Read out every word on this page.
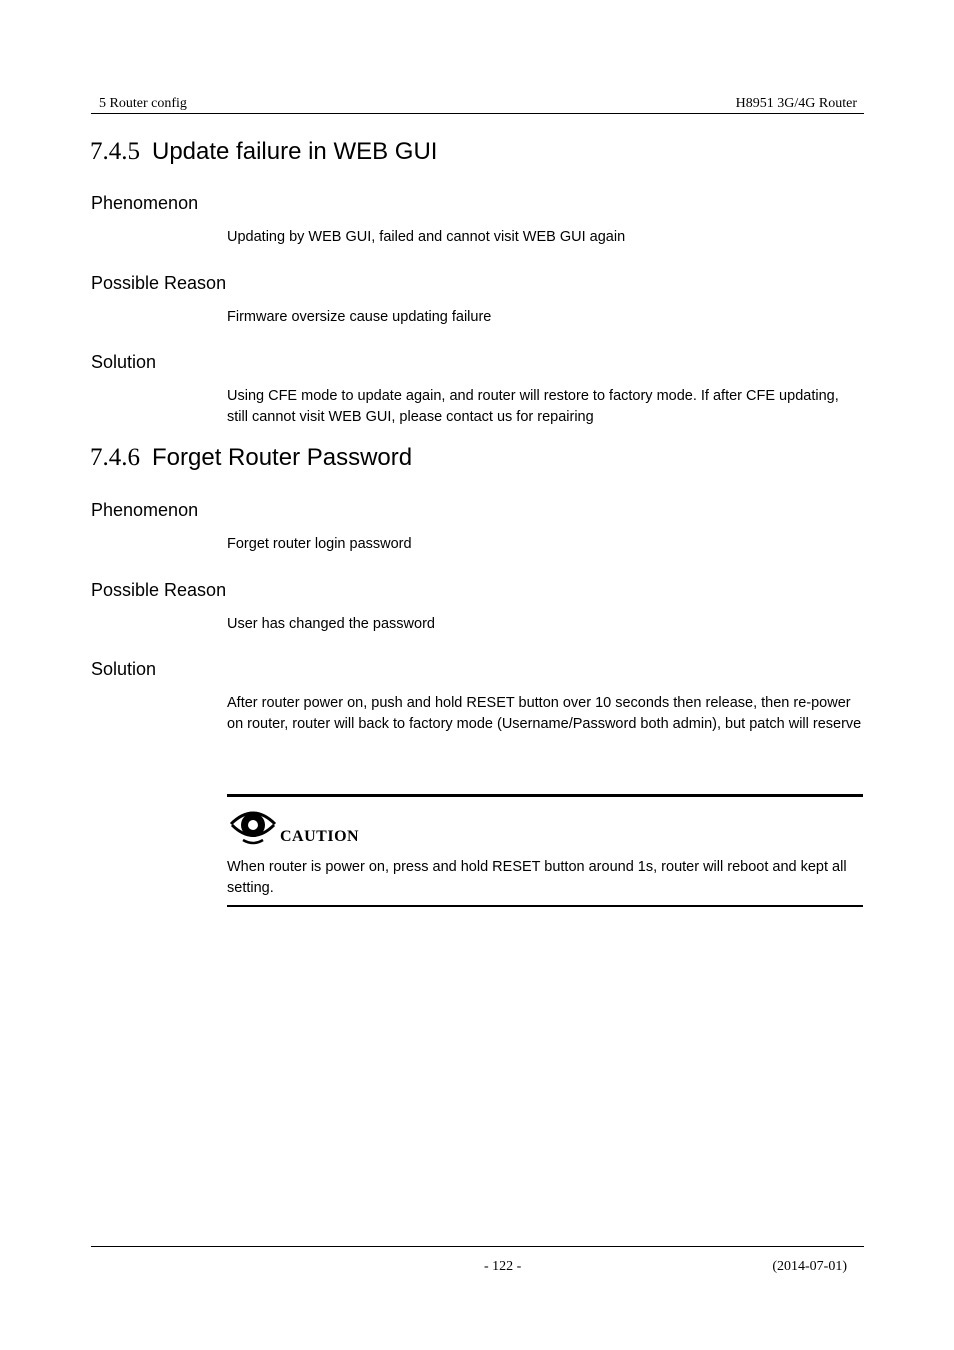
5 Router config	H8951 3G/4G Router
7.4.5 Update failure in WEB GUI
Phenomenon
Updating by WEB GUI, failed and cannot visit WEB GUI again
Possible Reason
Firmware oversize cause updating failure
Solution
Using CFE mode to update again, and router will restore to factory mode. If after CFE updating, still cannot visit WEB GUI, please contact us for repairing
7.4.6 Forget Router Password
Phenomenon
Forget router login password
Possible Reason
User has changed the password
Solution
After router power on, push and hold RESET button over 10 seconds then release, then re-power on router, router will back to factory mode (Username/Password both admin), but patch will reserve
CAUTION
When router is power on, press and hold RESET button around 1s, router will reboot and kept all setting.
- 122 -	(2014-07-01)
